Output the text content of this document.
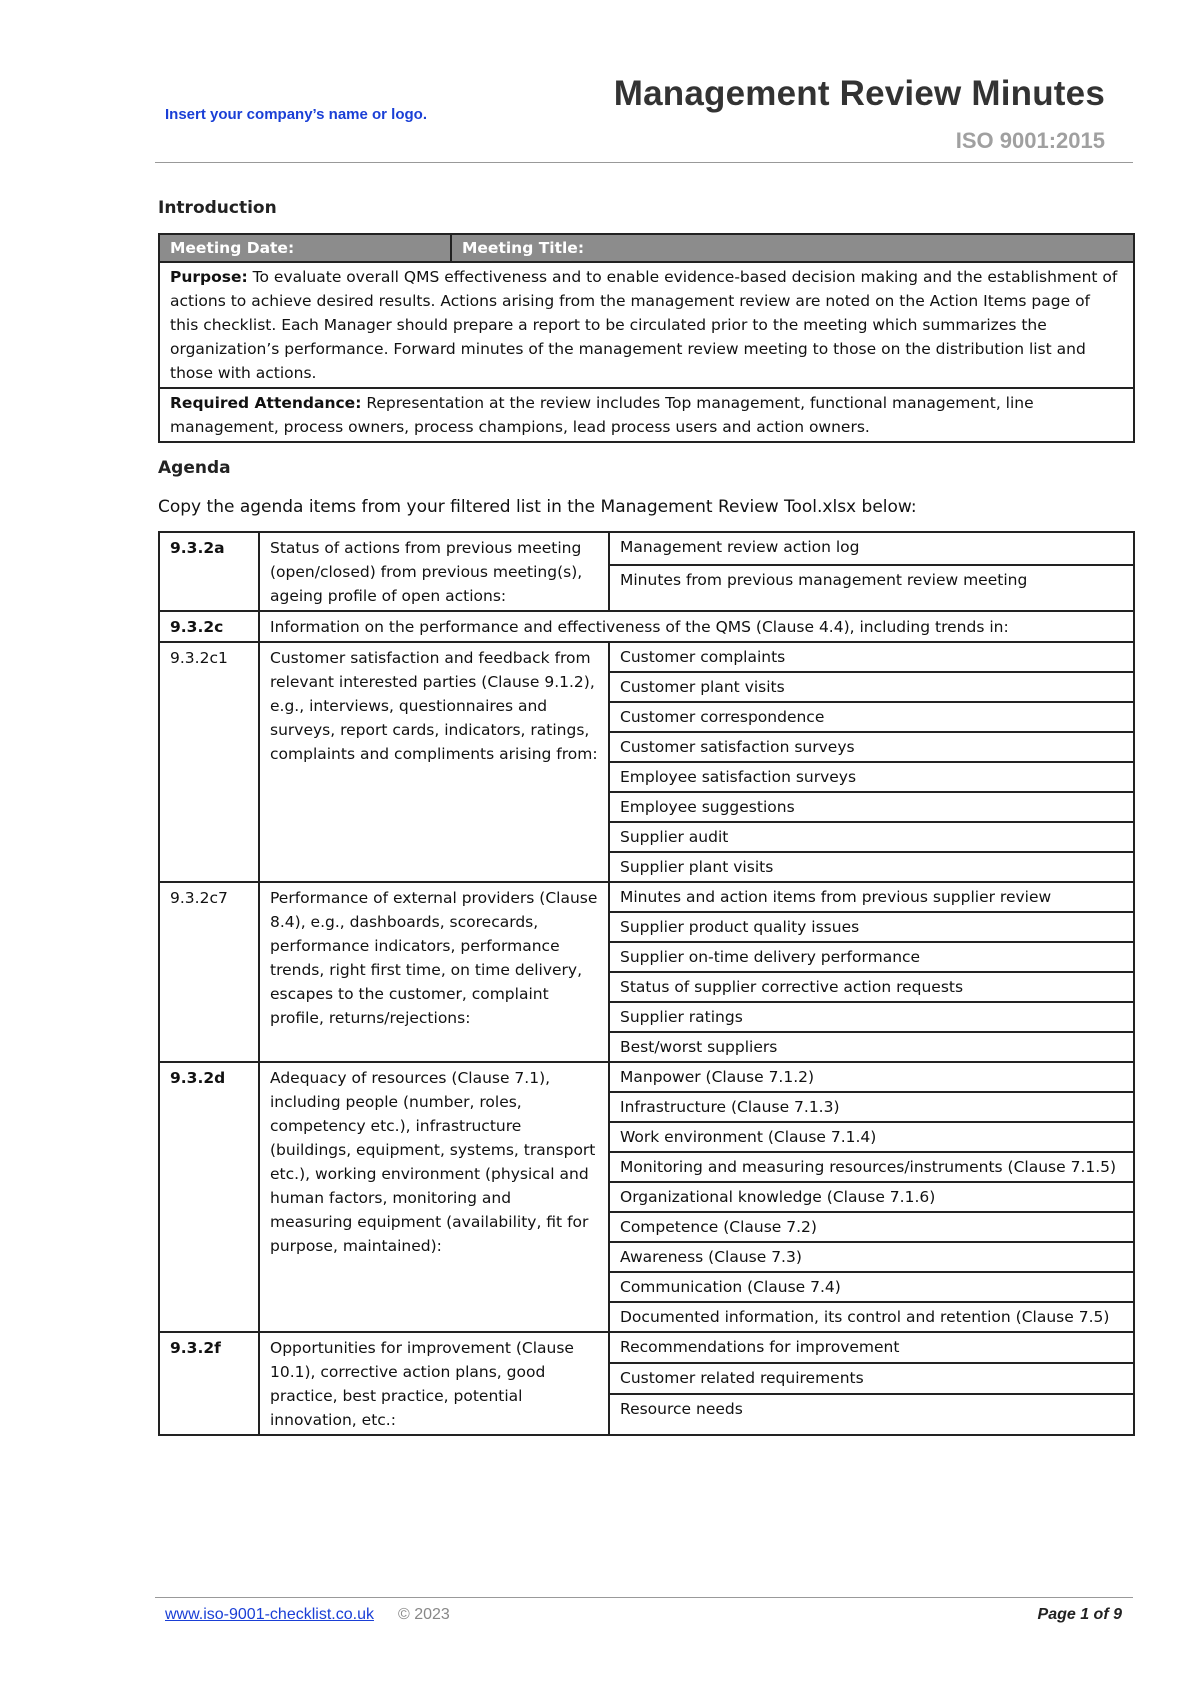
Insert your company’s name or logo.
Management Review Minutes
ISO 9001:2015
Introduction
Meeting Date:	Meeting Title:
Purpose: To evaluate overall QMS effectiveness and to enable evidence-based decision making and the establishment of actions to achieve desired results. Actions arising from the management review are noted on the Action Items page of this checklist. Each Manager should prepare a report to be circulated prior to the meeting which summarizes the organization’s performance. Forward minutes of the management review meeting to those on the distribution list and those with actions.
Required Attendance: Representation at the review includes Top management, functional management, line management, process owners, process champions, lead process users and action owners.
Agenda
Copy the agenda items from your filtered list in the Management Review Tool.xlsx below:
9.3.2a	Status of actions from previous meeting (open/closed) from previous meeting(s), ageing profile of open actions:	Management review action log
		Minutes from previous management review meeting
9.3.2c	Information on the performance and effectiveness of the QMS (Clause 4.4), including trends in:	
9.3.2c1	Customer satisfaction and feedback from relevant interested parties (Clause 9.1.2), e.g., interviews, questionnaires and surveys, report cards, indicators, ratings, complaints and compliments arising from:	Customer complaints
		Customer plant visits
		Customer correspondence
		Customer satisfaction surveys
		Employee satisfaction surveys
		Employee suggestions
		Supplier audit
		Supplier plant visits
9.3.2c7	Performance of external providers (Clause 8.4), e.g., dashboards, scorecards, performance indicators, performance trends, right first time, on time delivery, escapes to the customer, complaint profile, returns/rejections:	Minutes and action items from previous supplier review
		Supplier product quality issues
		Supplier on-time delivery performance
		Status of supplier corrective action requests
		Supplier ratings
		Best/worst suppliers
9.3.2d	Adequacy of resources (Clause 7.1), including people (number, roles, competency etc.), infrastructure (buildings, equipment, systems, transport etc.), working environment (physical and human factors, monitoring and measuring equipment (availability, fit for purpose, maintained):	Manpower (Clause 7.1.2)
		Infrastructure (Clause 7.1.3)
		Work environment (Clause 7.1.4)
		Monitoring and measuring resources/instruments (Clause 7.1.5)
		Organizational knowledge (Clause 7.1.6)
		Competence (Clause 7.2)
		Awareness (Clause 7.3)
		Communication (Clause 7.4)
		Documented information, its control and retention (Clause 7.5)
9.3.2f	Opportunities for improvement (Clause 10.1), corrective action plans, good practice, best practice, potential innovation, etc.:	Recommendations for improvement
		Customer related requirements
		Resource needs
www.iso-9001-checklist.co.uk © 2023	Page 1 of 9
